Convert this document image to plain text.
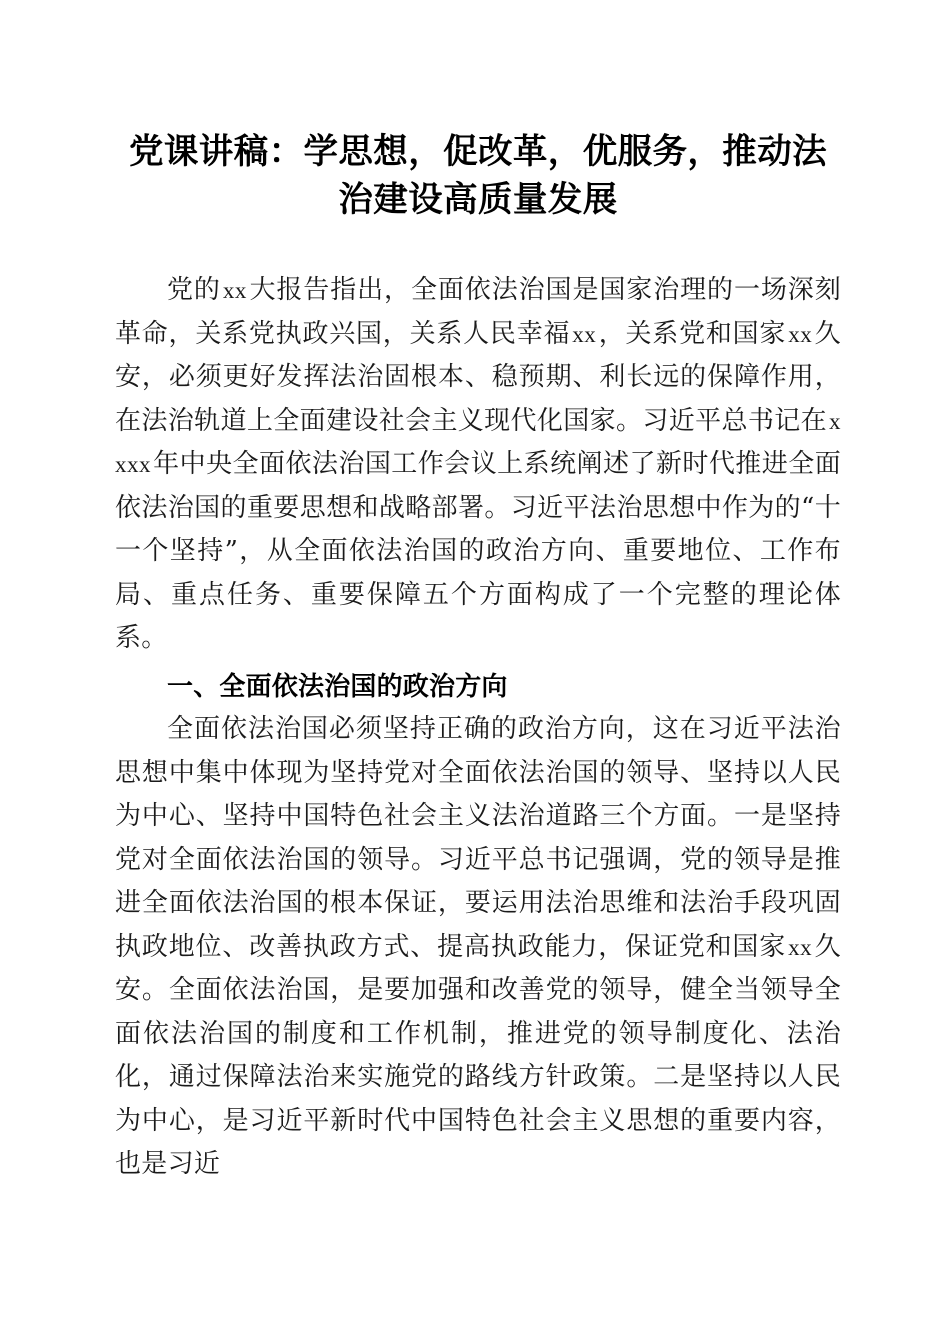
党课讲稿：学思想，促改革，优服务，推动法治建设高质量发展

党的xx大报告指出，全面依法治国是国家治理的一场深刻革命，关系党执政兴国，关系人民幸福xx，关系党和国家xx久安，必须更好发挥法治固根本、稳预期、利长远的保障作用，在法治轨道上全面建设社会主义现代化国家。习近平总书记在xxxx年中央全面依法治国工作会议上系统阐述了新时代推进全面依法治国的重要思想和战略部署。习近平法治思想中作为的“十一个坚持”，从全面依法治国的政治方向、重要地位、工作布局、重点任务、重要保障五个方面构成了一个完整的理论体系。

一、全面依法治国的政治方向

全面依法治国必须坚持正确的政治方向，这在习近平法治思想中集中体现为坚持党对全面依法治国的领导、坚持以人民为中心、坚持中国特色社会主义法治道路三个方面。一是坚持党对全面依法治国的领导。习近平总书记强调，党的领导是推进全面依法治国的根本保证，要运用法治思维和法治手段巩固执政地位、改善执政方式、提高执政能力，保证党和国家xx久安。全面依法治国，是要加强和改善党的领导，健全当领导全面依法治国的制度和工作机制，推进党的领导制度化、法治化，通过保障法治来实施党的路线方针政策。二是坚持以人民为中心，是习近平新时代中国特色社会主义思想的重要内容，也是习近
